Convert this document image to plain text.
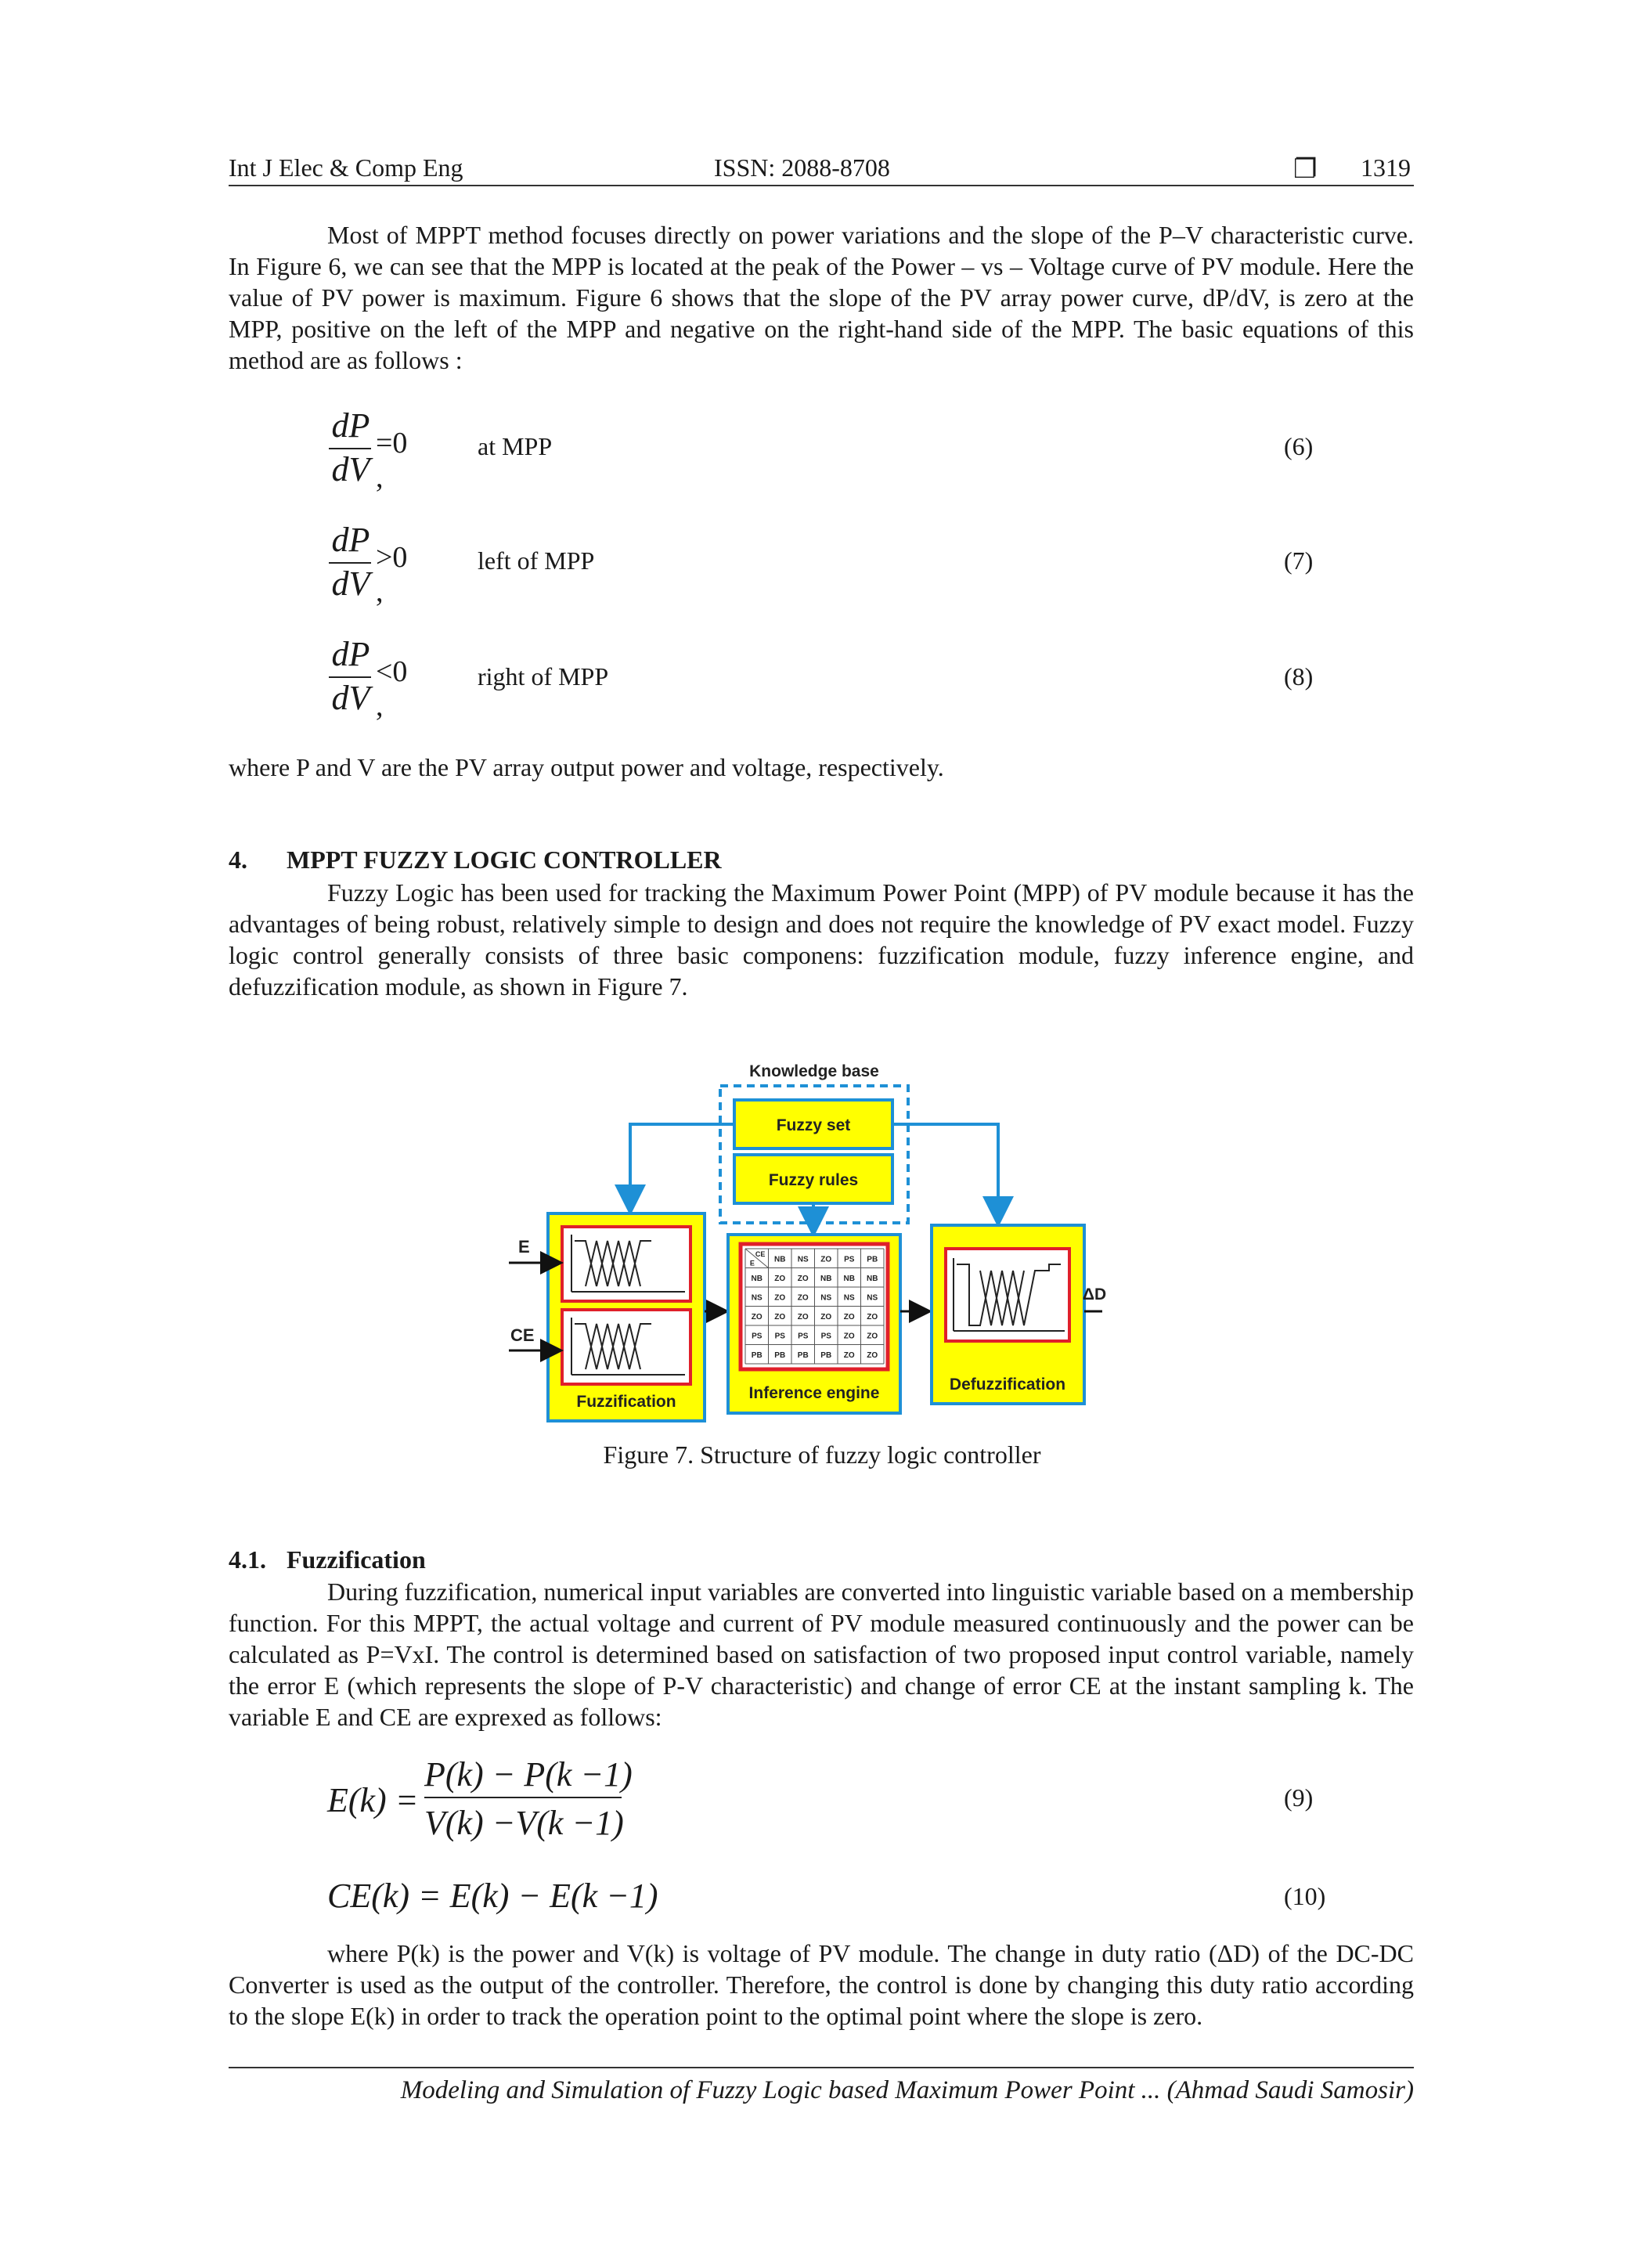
Int J Elec & Comp Eng	ISSN: 2088-8708	❐ 1319

Most of MPPT method focuses directly on power variations and the slope of the P–V characteristic curve. In Figure 6, we can see that the MPP is located at the peak of the Power – vs – Voltage curve of PV module. Here the value of PV power is maximum. Figure 6 shows that the slope of the PV array power curve, dP/dV, is zero at the MPP, positive on the left of the MPP and negative on the right-hand side of the MPP. The basic equations of this method are as follows :

dP
dV
=0 ,
at MPP	(6)
dP
dV
>0 ,
left of MPP	(7)
dP
dV
<0 ,
right of MPP	(8)

where P and V are the PV array output power and voltage, respectively.

4. MPPT FUZZY LOGIC CONTROLLER

Fuzzy Logic has been used for tracking the Maximum Power Point (MPP) of PV module because it has the advantages of being robust, relatively simple to design and does not require the knowledge of PV exact model. Fuzzy logic control generally consists of three basic componens: fuzzification module, fuzzy inference engine, and defuzzification module, as shown in Figure 7.

Knowledge base
Fuzzy set
Fuzzy rules
Fuzzification
E
CE
CE
E	NB NS ZO PS PB
NB ZO ZO NB NB NB
NS ZO ZO NS NS NS
ZO ZO ZO ZO ZO ZO
PS PS PS PS ZO ZO
PB PB PB PB ZO ZO
Inference engine	Defuzzification
ΔD
Figure 7. Structure of fuzzy logic controller
4.1. Fuzzification

During fuzzification, numerical input variables are converted into linguistic variable based on a membership function. For this MPPT, the actual voltage and current of PV module measured continuously and the power can be calculated as P=VxI. The control is determined based on satisfaction of two proposed input control variable, namely the error E (which represents the slope of P-V characteristic) and change of error CE at the instant sampling k. The variable E and CE are exprexed as follows:

E(k) =
P(k) − P(k −1)
V(k) −V(k −1)
(9)
CE(k) = E(k) − E(k −1)	(10)

where P(k) is the power and V(k) is voltage of PV module. The change in duty ratio (ΔD) of the DC-DC Converter is used as the output of the controller. Therefore, the control is done by changing this duty ratio according to the slope E(k) in order to track the operation point to the optimal point where the slope is zero.

Modeling and Simulation of Fuzzy Logic based Maximum Power Point ... (Ahmad Saudi Samosir)
